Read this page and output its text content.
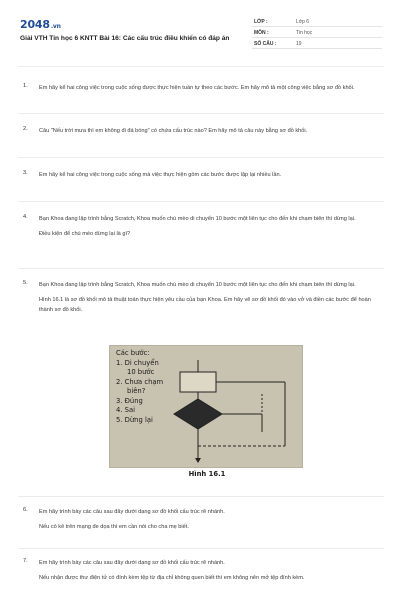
2048.vn
Giải VTH Tin học 6 KNTT Bài 16: Các cấu trúc điều khiển có đáp án
LỚP :	Lớp 6
MÔN :	Tin học
SỐ CÂU :	19
1. Em hãy kể hai công việc trong cuộc sống được thực hiện tuần tự theo các bước. Em hãy mô tả một công việc bằng sơ đồ khối.

2. Câu "Nếu trời mưa thì em không đi đá bóng" có chứa cấu trúc nào? Em hãy mô tả câu này bằng sơ đồ khối.

3. Em hãy kể hai công việc trong cuộc sống mà việc thực hiện gồm các bước được lặp lại nhiều lần.

4. Bạn Khoa đang lập trình bằng Scratch, Khoa muốn chú mèo di chuyển 10 bước một liên tục cho đến khi chạm biên thì dừng lại.

Điều kiện để chú mèo dừng lại là gì?

5. Bạn Khoa đang lập trình bằng Scratch, Khoa muốn chú mèo di chuyển 10 bước một liên tục cho đến khi chạm biên thì dừng lại.

Hình 16.1 là sơ đồ khối mô tả thuật toán thực hiện yêu cầu của bạn Khoa. Em hãy vẽ sơ đồ khối đó vào vở và điền các bước để hoàn thành sơ đồ khối.

Các bước:
1. Di chuyển
10 bước
2. Chưa chạm
biên?
3. Đúng
4. Sai
5. Dừng lại
Hình 16.1
6. Em hãy trình bày các câu sau đây dưới dạng sơ đồ khối cấu trúc rẽ nhánh.

Nếu có kẻ trên mạng đe dọa thì em cần nói cho cha mẹ biết.

7. Em hãy trình bày các câu sau đây dưới dạng sơ đồ khối cấu trúc rẽ nhánh.

Nếu nhận được thư điện tử có đính kèm tệp từ địa chỉ không quen biết thì em không nên mở tệp đính kèm.
